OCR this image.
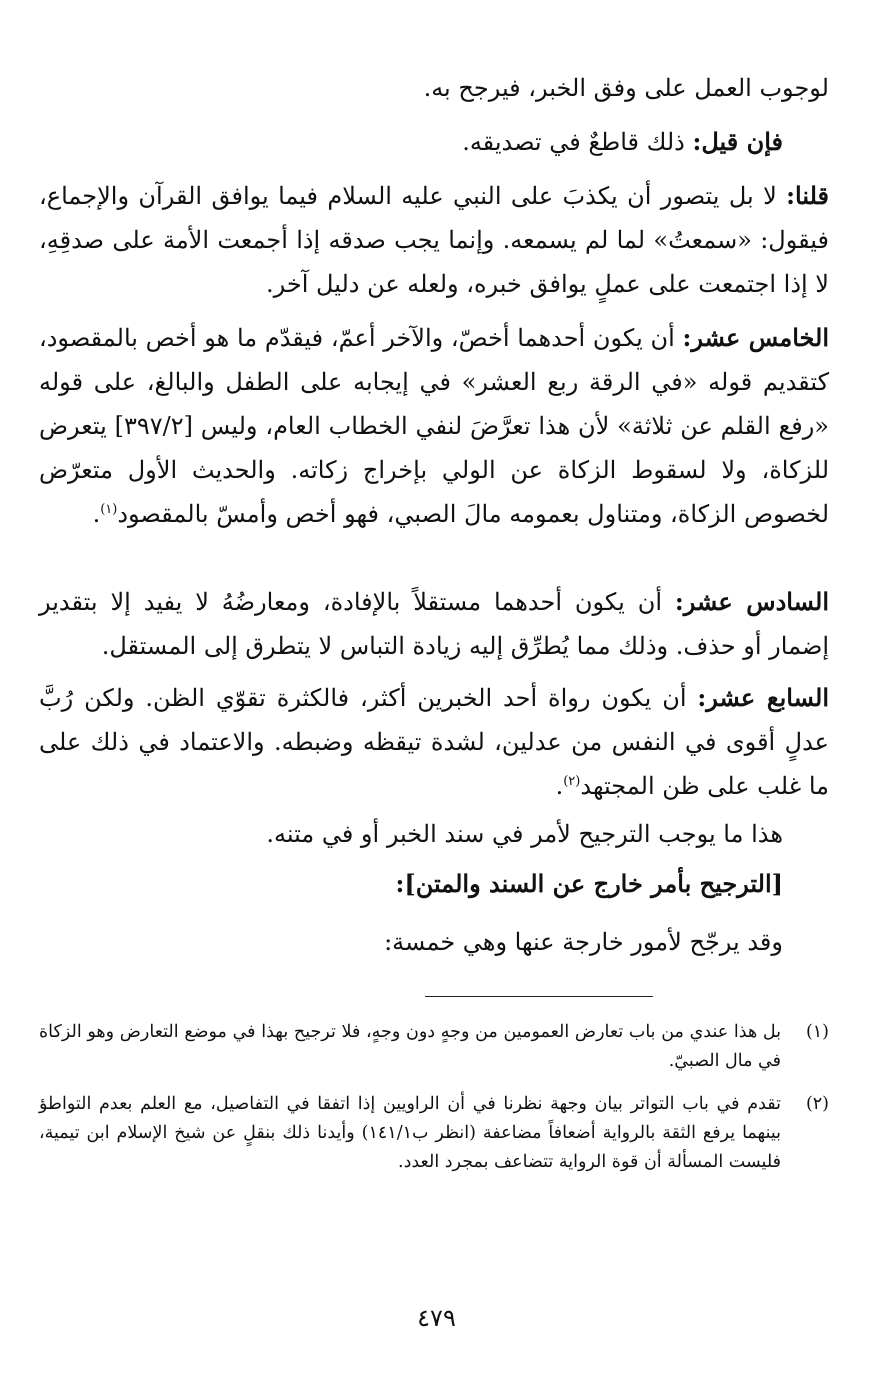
لوجوب العمل على وفق الخبر، فيرجح به.

فإن قيل: ذلك قاطعٌ في تصديقه.

قلنا: لا بل يتصور أن يكذبَ على النبي عليه السلام فيما يوافق القرآن والإجماع، فيقول: «سمعتُ» لما لم يسمعه. وإنما يجب صدقه إذا أجمعت الأمة على صدقِهِ، لا إذا اجتمعت على عملٍ يوافق خبره، ولعله عن دليل آخر.

الخامس عشر: أن يكون أحدهما أخصّ، والآخر أعمّ، فيقدّم ما هو أخص بالمقصود، كتقديم قوله «في الرقة ربع العشر» في إيجابه على الطفل والبالغ، على قوله «رفع القلم عن ثلاثة» لأن هذا تعرَّضَ لنفي الخطاب العام، وليس [٣٩٧/٢] يتعرض للزكاة، ولا لسقوط الزكاة عن الولي بإخراج زكاته. والحديث الأول متعرّض لخصوص الزكاة، ومتناول بعمومه مالَ الصبي، فهو أخص وأمسّ بالمقصود$^{(١)}$.

السادس عشر: أن يكون أحدهما مستقلاً بالإفادة، ومعارضُهُ لا يفيد إلا بتقدير إضمار أو حذف. وذلك مما يُطرِّق إليه زيادة التباس لا يتطرق إلى المستقل.

السابع عشر: أن يكون رواة أحد الخبرين أكثر، فالكثرة تقوّي الظن. ولكن رُبَّ عدلٍ أقوى في النفس من عدلين، لشدة تيقظه وضبطه. والاعتماد في ذلك على ما غلب على ظن المجتهد$^{(٢)}$.

هذا ما يوجب الترجيح لأمر في سند الخبر أو في متنه.

[الترجيح بأمر خارج عن السند والمتن]:

وقد يرجّح لأمور خارجة عنها وهي خمسة:

(١)
بل هذا عندي من باب تعارض العمومين من وجهٍ دون وجهٍ، فلا ترجيح بهذا في موضع التعارض وهو الزكاة في مال الصبيّ.
(٢)
تقدم في باب التواتر بيان وجهة نظرنا في أن الراويين إذا اتفقا في التفاصيل، مع العلم بعدم التواطؤ بينهما يرفع الثقة بالرواية أضعافاً مضاعفة (انظر ب١٤١/١) وأيدنا ذلك بنقلٍ عن شيخ الإسلام ابن تيمية، فليست المسألة أن قوة الرواية تتضاعف بمجرد العدد.
٤٧٩
